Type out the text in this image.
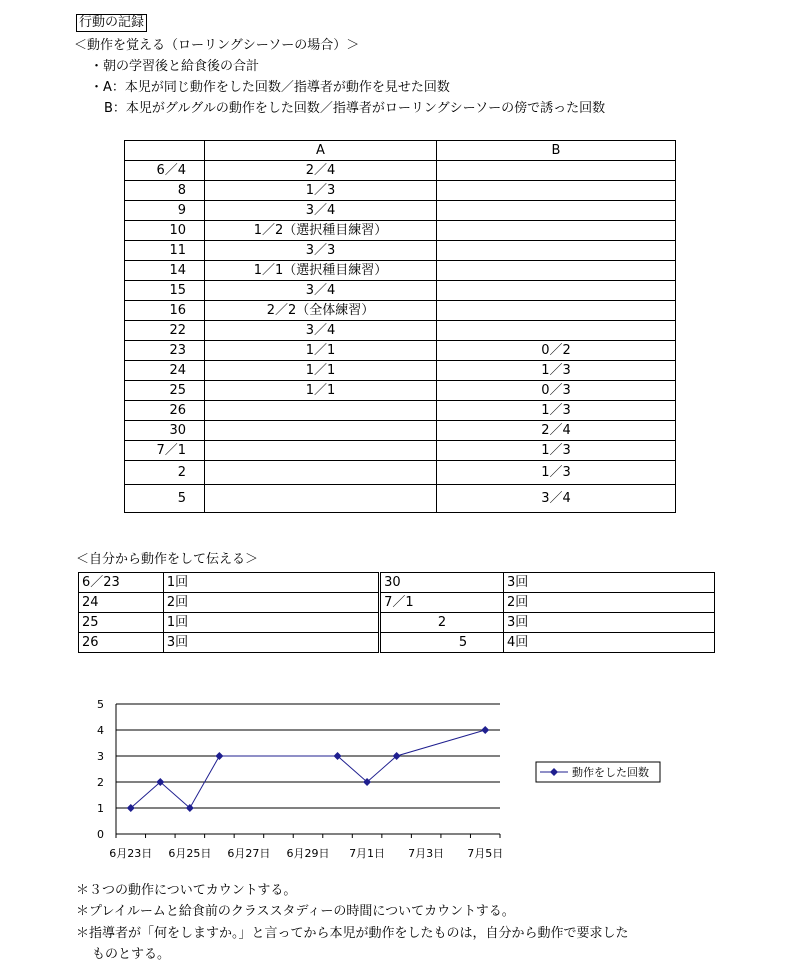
行動の記録
＜動作を覚える（ローリングシーソーの場合）＞
・朝の学習後と給食後の合計
・A：本児が同じ動作をした回数／指導者が動作を見せた回数
B：本児がグルグルの動作をした回数／指導者がローリングシーソーの傍で誘った回数
	A	B
6／4	2／4	
8	1／3	
9	3／4	
10	1／2（選択種目練習）	
11	3／3	
14	1／1（選択種目練習）	
15	3／4	
16	2／2（全体練習）	
22	3／4	
23	1／1	0／2
24	1／1	1／3
25	1／1	0／3
26		1／3
30		2／4
7／1		1／3
2		1／3
5		3／4
＜自分から動作をして伝える＞
6／23	1回	30	3回
24	2回	7／1	2回
25	1回	2	3回
26	3回	5	4回
0
1
2
3
4
5
6月23日 6月25日 6月27日 6月29日 7月1日 7月3日 7月5日
動作をした回数
＊３つの動作についてカウントする。
＊プレイルームと給食前のクラススタディーの時間についてカウントする。
＊指導者が「何をしますか。」と言ってから本児が動作をしたものは，自分から動作で要求した
ものとする。
